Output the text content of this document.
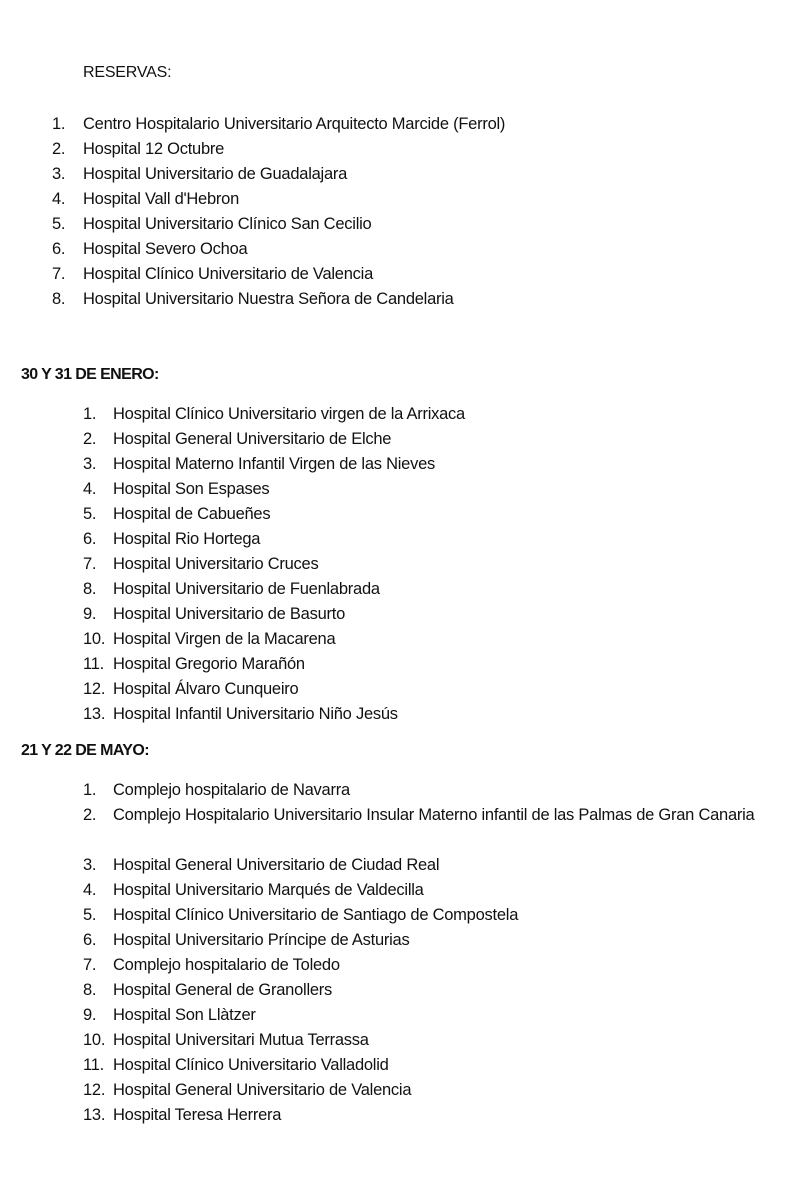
RESERVAS:
1. Centro Hospitalario Universitario Arquitecto Marcide (Ferrol)
2. Hospital 12 Octubre
3. Hospital Universitario de Guadalajara
4. Hospital Vall d'Hebron
5. Hospital Universitario Clínico San Cecilio
6. Hospital Severo Ochoa
7. Hospital Clínico Universitario de Valencia
8. Hospital Universitario Nuestra Señora de Candelaria
30 Y 31 DE ENERO:
1. Hospital Clínico Universitario virgen de la Arrixaca
2. Hospital General Universitario de Elche
3. Hospital Materno Infantil Virgen de las Nieves
4. Hospital Son Espases
5. Hospital de Cabueñes
6. Hospital Rio Hortega
7. Hospital Universitario Cruces
8. Hospital Universitario de Fuenlabrada
9. Hospital Universitario de Basurto
10. Hospital Virgen de la Macarena
11. Hospital Gregorio Marañón
12. Hospital Álvaro Cunqueiro
13. Hospital Infantil Universitario Niño Jesús
21 Y 22 DE MAYO:
1. Complejo hospitalario de Navarra
2. Complejo Hospitalario Universitario Insular Materno infantil de las Palmas de Gran Canaria
3. Hospital General Universitario de Ciudad Real
4. Hospital Universitario Marqués de Valdecilla
5. Hospital Clínico Universitario de Santiago de Compostela
6. Hospital Universitario Príncipe de Asturias
7. Complejo hospitalario de Toledo
8. Hospital General de Granollers
9. Hospital Son Llàtzer
10. Hospital Universitari Mutua Terrassa
11. Hospital Clínico Universitario Valladolid
12. Hospital General Universitario de Valencia
13. Hospital Teresa Herrera
